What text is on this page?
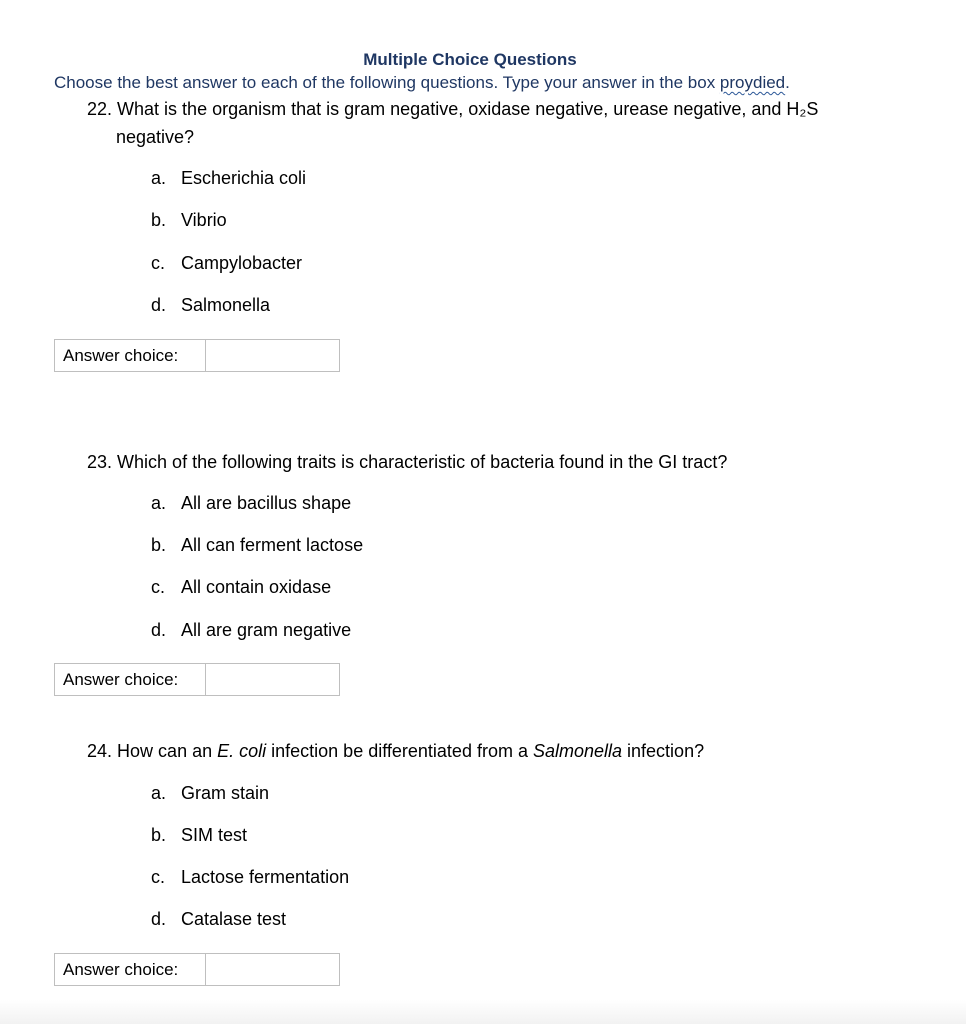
Multiple Choice Questions
Choose the best answer to each of the following questions. Type your answer in the box proydied.
22. What is the organism that is gram negative, oxidase negative, urease negative, and H₂S
negative?
a. Escherichia coli
b. Vibrio
c. Campylobacter
d. Salmonella
Answer choice:
23. Which of the following traits is characteristic of bacteria found in the GI tract?
a. All are bacillus shape
b. All can ferment lactose
c. All contain oxidase
d. All are gram negative
Answer choice:
24. How can an E. coli infection be differentiated from a Salmonella infection?
a. Gram stain
b. SIM test
c. Lactose fermentation
d. Catalase test
Answer choice:
